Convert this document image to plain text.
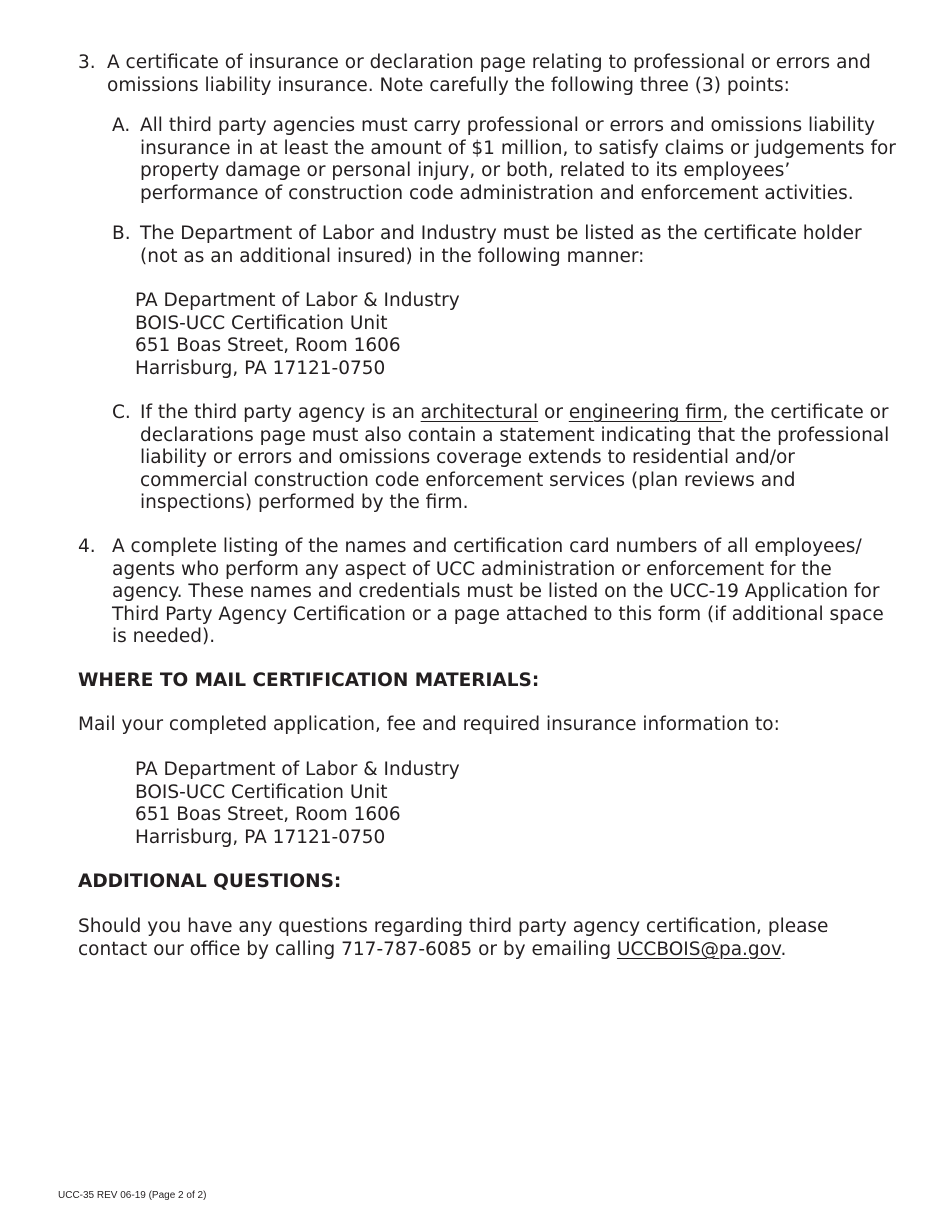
3. A certificate of insurance or declaration page relating to professional or errors and omissions liability insurance. Note carefully the following three (3) points:
A. All third party agencies must carry professional or errors and omissions liability insurance in at least the amount of $1 million, to satisfy claims or judgements for property damage or personal injury, or both, related to its employees’ performance of construction code administration and enforcement activities.
B. The Department of Labor and Industry must be listed as the certificate holder (not as an additional insured) in the following manner:
PA Department of Labor & Industry
BOIS-UCC Certification Unit
651 Boas Street, Room 1606
Harrisburg, PA 17121-0750
C. If the third party agency is an architectural or engineering firm, the certificate or declarations page must also contain a statement indicating that the professional liability or errors and omissions coverage extends to residential and/or commercial construction code enforcement services (plan reviews and inspections) performed by the firm.
4. A complete listing of the names and certification card numbers of all employees/ agents who perform any aspect of UCC administration or enforcement for the agency. These names and credentials must be listed on the UCC-19 Application for Third Party Agency Certification or a page attached to this form (if additional space is needed).
WHERE TO MAIL CERTIFICATION MATERIALS:
Mail your completed application, fee and required insurance information to:
PA Department of Labor & Industry
BOIS-UCC Certification Unit
651 Boas Street, Room 1606
Harrisburg, PA 17121-0750
ADDITIONAL QUESTIONS:
Should you have any questions regarding third party agency certification, please contact our office by calling 717-787-6085 or by emailing UCCBOIS@pa.gov.
UCC-35 REV 06-19 (Page 2 of 2)
